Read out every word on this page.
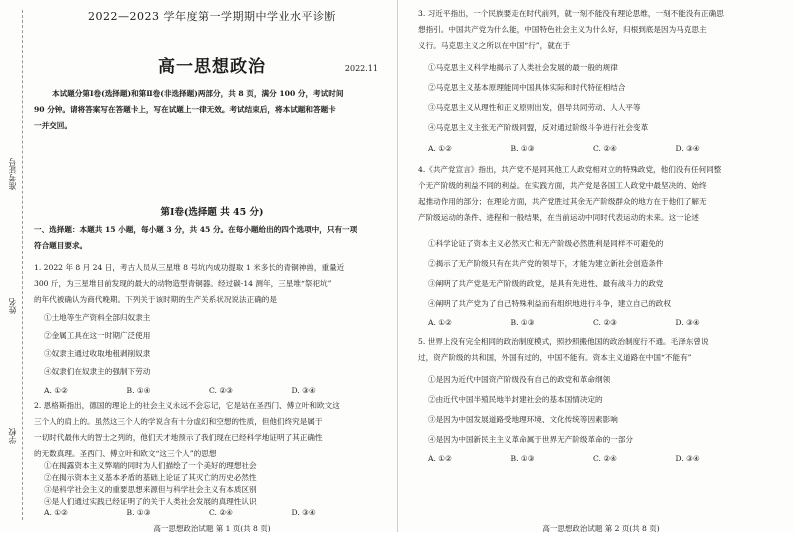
准考证号
姓名
学校
2022—2023 学年度第一学期期中学业水平诊断
高一思想政治	2022.11
本试题分第Ⅰ卷(选择题)和第Ⅱ卷(非选择题)两部分，共 8 页，满分 100 分，考试时间
90 分钟。请将答案写在答题卡上，写在试题上一律无效。考试结束后，将本试题和答题卡
一并交回。
第Ⅰ卷(选择题 共 45 分)
一、选择题：本题共 15 小题，每小题 3 分，共 45 分。在每小题给出的四个选项中，只有一项
符合题目要求。
1. 2022 年 8 月 24 日，考古人员从三星堆 8 号坑内成功提取 1 米多长的青铜神兽，重量近
300 斤，为三星堆目前发现的最大的动物造型青铜器。经过碳-14 测年，三星堆“祭祀坑”
的年代被确认为商代晚期。下列关于该时期的生产关系状况说法正确的是
①土地等生产资料全部归奴隶主
②金属工具在这一时期广泛使用
③奴隶主通过收取地租剥削奴隶
④奴隶们在奴隶主的强制下劳动
A. ①②	B. ①④	C. ②③	D. ③④
2. 恩格斯指出，德国的理论上的社会主义永远不会忘记，它是站在圣西门、傅立叶和欧文这
三个人的肩上的。虽然这三个人的学说含有十分虚幻和空想的性质，但他们终究是属于
一切时代最伟大的智士之列的，他们天才地预示了我们现在已经科学地证明了其正确性
的无数真理。圣西门、傅立叶和欧文“这三个人”的思想
①在揭露资本主义弊端的同时为人们描绘了一个美好的理想社会
②在揭示资本主义基本矛盾的基础上论证了其灭亡的历史必然性
③是科学社会主义的重要思想来源但与科学社会主义有本质区别
④是人们通过实践已经证明了的关于人类社会发展的真理性认识
A. ①②	B. ①③	C. ②④	D. ③④
高一思想政治试题 第 1 页(共 8 页)
3. 习近平指出，一个民族要走在时代前列，就一刻不能没有理论思维，一刻不能没有正确思
想指引。中国共产党为什么能，中国特色社会主义为什么好，归根到底是因为马克思主
义行。马克思主义之所以在中国“行”，就在于
①马克思主义科学地揭示了人类社会发展的最一般的规律
②马克思主义基本原理能同中国具体实际和时代特征相结合
③马克思主义从理性和正义原则出发，倡导共同劳动、人人平等
④马克思主义主张无产阶级同盟，反对通过阶级斗争进行社会变革
A. ①②	B. ①③	C. ②④	D. ③④
4.《共产党宣言》指出，共产党不是同其他工人政党相对立的特殊政党，他们没有任何同整
个无产阶级的利益不同的利益。在实践方面，共产党是各国工人政党中最坚决的、始终
起推动作用的部分；在理论方面，共产党胜过其余无产阶级群众的地方在于他们了解无
产阶级运动的条件、进程和一般结果，在当前运动中同时代表运动的未来。这一论述
①科学论证了资本主义必然灭亡和无产阶级必然胜利是同样不可避免的
②揭示了无产阶级只有在共产党的领导下，才能为建立新社会创造条件
③阐明了共产党是无产阶级的政党，是具有先进性、最有战斗力的政党
④阐明了共产党为了自己特殊利益而有组织地进行斗争，建立自己的政权
A. ①②	B. ①③	C. ②③	D. ③④
5. 世界上没有完全相同的政治制度模式，照抄照搬他国的政治制度行不通。毛泽东曾说
过，资产阶级的共和国，外国有过的，中国不能有。资本主义道路在中国“不能有”
①是因为近代中国资产阶级没有自己的政党和革命纲领
②由近代中国半殖民地半封建社会的基本国情决定的
③是因为中国发展道路受地理环境、文化传统等因素影响
④是因为中国新民主主义革命属于世界无产阶级革命的一部分
A. ①②	B. ①③	C. ②④	D. ③④
高一思想政治试题 第 2 页(共 8 页)
